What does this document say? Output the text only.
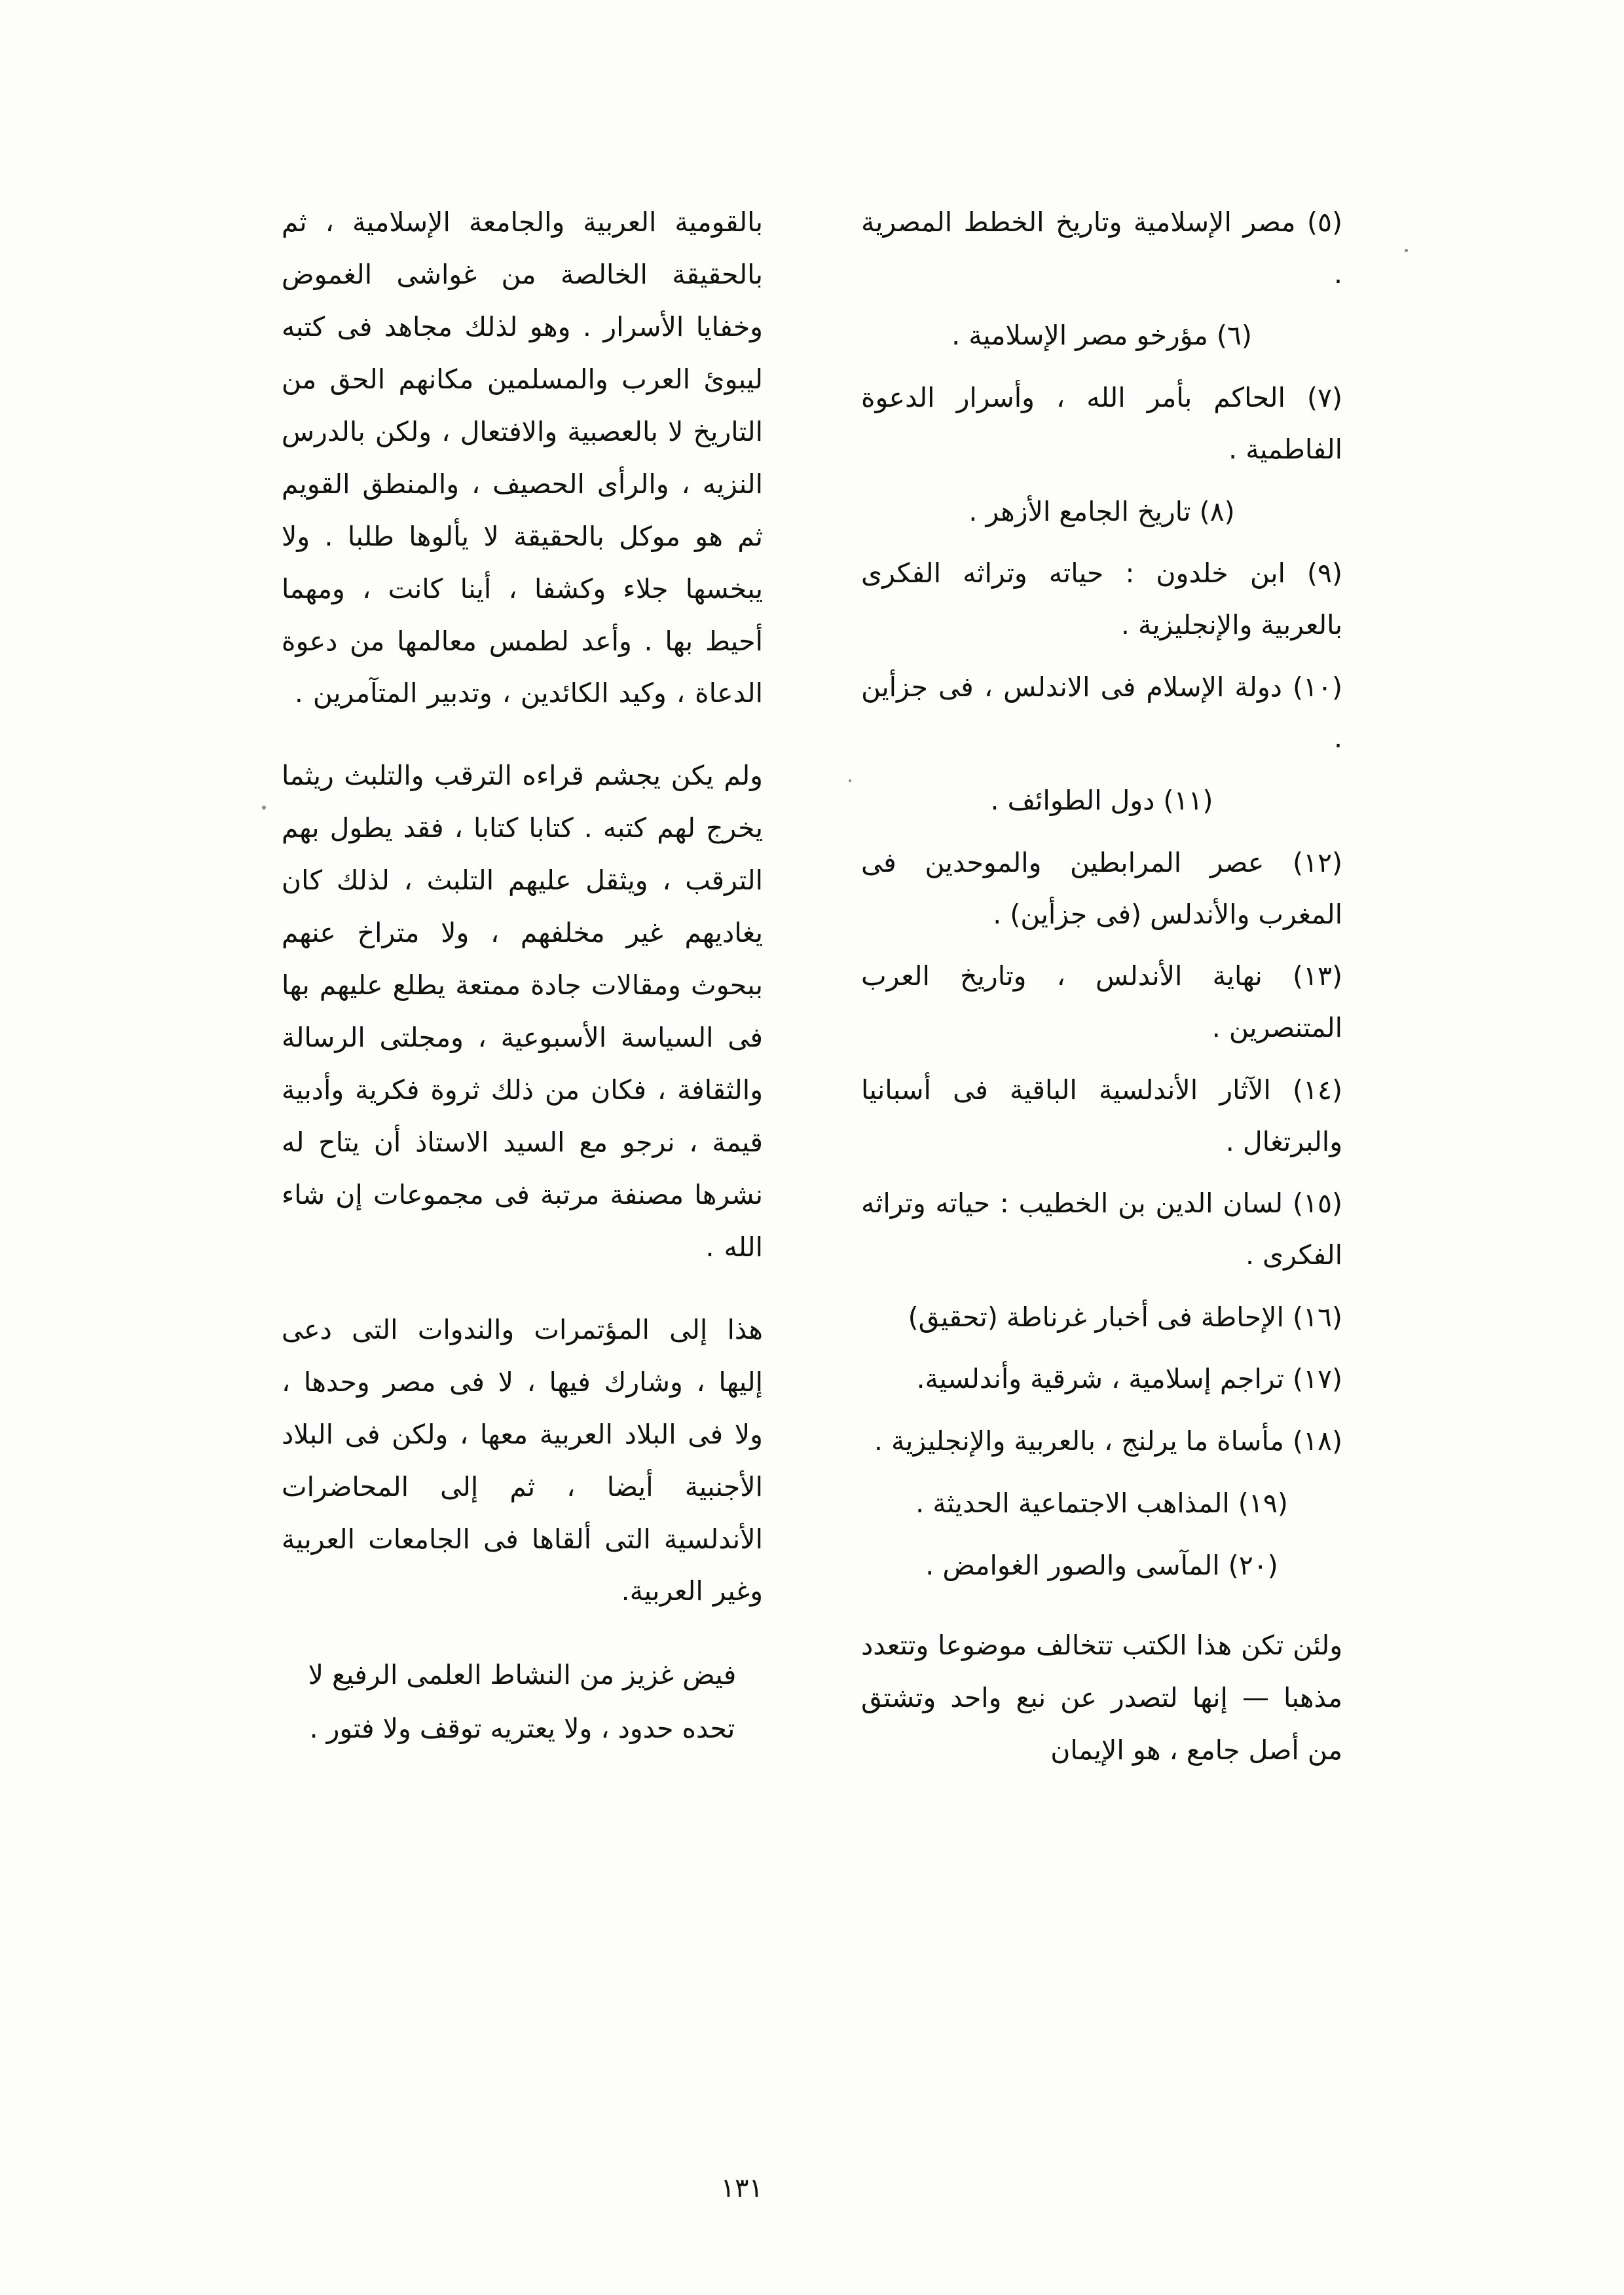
(٥) مصر الإسلامية وتاريخ الخطط المصرية .
(٦) مؤرخو مصر الإسلامية .
(٧) الحاكم بأمر الله ، وأسرار الدعوة الفاطمية .
(٨) تاريخ الجامع الأزهر .
(٩) ابن خلدون : حياته وتراثه الفكرى بالعربية والإنجليزية .
(١٠) دولة الإسلام فى الاندلس ، فى جزأين .
(١١) دول الطوائف .
(١٢) عصر المرابطين والموحدين فى المغرب والأندلس (فى جزأين) .
(١٣) نهاية الأندلس ، وتاريخ العرب المتنصرين .
(١٤) الآثار الأندلسية الباقية فى أسبانيا والبرتغال .
(١٥) لسان الدين بن الخطيب : حياته وتراثه الفكرى .
(١٦) الإحاطة فى أخبار غرناطة (تحقيق)
(١٧) تراجم إسلامية ، شرقية وأندلسية.
(١٨) مأساة ما يرلنج ، بالعربية والإنجليزية .
(١٩) المذاهب الاجتماعية الحديثة .
(٢٠) المآسى والصور الغوامض .
ولئن تكن هذا الكتب تتخالف موضوعا وتتعدد مذهبا — إنها لتصدر عن نبع واحد وتشتق من أصل جامع ، هو الإيمان
بالقومية العربية والجامعة الإسلامية ، ثم بالحقيقة الخالصة من غواشى الغموض وخفايا الأسرار . وهو لذلك مجاهد فى كتبه ليبوئ العرب والمسلمين مكانهم الحق من التاريخ لا بالعصبية والافتعال ، ولكن بالدرس النزيه ، والرأى الحصيف ، والمنطق القويم ثم هو موكل بالحقيقة لا يألوها طلبا . ولا يبخسها جلاء وكشفا ، أينا كانت ، ومهما أحيط بها . وأعد لطمس معالمها من دعوة الدعاة ، وكيد الكائدين ، وتدبير المتآمرين .
ولم يكن يجشم قراءه الترقب والتلبث ريثما يخرج لهم كتبه . كتابا كتابا ، فقد يطول بهم الترقب ، ويثقل عليهم التلبث ، لذلك كان يغاديهم غير مخلفهم ، ولا متراخ عنهم ببحوث ومقالات جادة ممتعة يطلع عليهم بها فى السياسة الأسبوعية ، ومجلتى الرسالة والثقافة ، فكان من ذلك ثروة فكرية وأدبية قيمة ، نرجو مع السيد الاستاذ أن يتاح له نشرها مصنفة مرتبة فى مجموعات إن شاء الله .
هذا إلى المؤتمرات والندوات التى دعى إليها ، وشارك فيها ، لا فى مصر وحدها ، ولا فى البلاد العربية معها ، ولكن فى البلاد الأجنبية أيضا ، ثم إلى المحاضرات الأندلسية التى ألقاها فى الجامعات العربية وغير العربية.
فيض غزيز من النشاط العلمى الرفيع لا تحده حدود ، ولا يعتريه توقف ولا فتور .
١٣١
